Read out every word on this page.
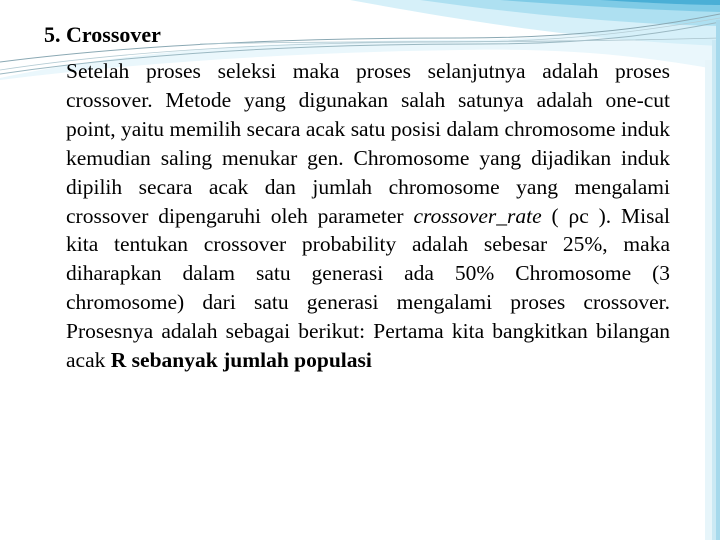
5. Crossover

Setelah proses seleksi maka proses selanjutnya adalah proses crossover. Metode yang digunakan salah satunya adalah one-cut point, yaitu memilih secara acak satu posisi dalam chromosome induk kemudian saling menukar gen. Chromosome yang dijadikan induk dipilih secara acak dan jumlah chromosome yang mengalami crossover dipengaruhi oleh parameter crossover_rate ( ρc ). Misal kita tentukan crossover probability adalah sebesar 25%, maka diharapkan dalam satu generasi ada 50% Chromosome (3 chromosome) dari satu generasi mengalami proses crossover. Prosesnya adalah sebagai berikut: Pertama kita bangkitkan bilangan acak R sebanyak jumlah populasi
